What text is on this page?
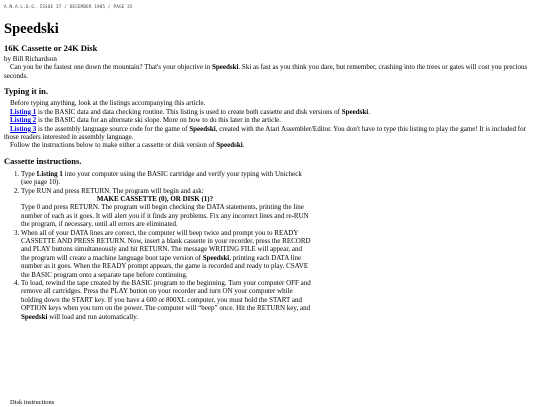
A.N.A.L.O.G. ISSUE 37 / DECEMBER 1985 / PAGE 35
Speedski
16K Cassette or 24K Disk

by Bill Richardson

Can you be the fastest one down the mountain? That's your objective in Speedski. Ski as fast as you think you dare, but remember, crashing into the trees or gates will cost you precious seconds.

Typing it in.

Before typing anything, look at the listings accompanying this article.

Listing 1 is the BASIC data and data checking routine. This listing is used to create both cassette and disk versions of Speedski.

Listing 2 is the BASIC data for an alternate ski slope. More on how to do this later in the article.

Listing 3 is the assembly language source code for the game of Speedski, created with the Atari Assembler/Editor. You don't have to type this listing to play the game! It is included for those readers interested in assembly language.

Follow the instructions below to make either a cassette or disk version of Speedski.

Cassette instructions.
1. Type Listing 1 into your computer using the BASIC cartridge and verify your typing with Unicheck (see page 10).
2. Type RUN and press RETURN. The program will begin and ask:
MAKE CASSETTE (0), OR DISK (1)?
Type 0 and press RETURN. The program will begin checking the DATA statements, printing the line number of each as it goes. It will alert you if it finds any problems. Fix any incorrect lines and re-RUN the program, if necessary, until all errors are eliminated.
3. When all of your DATA lines are correct, the computer will beep twice and prompt you to READY CASSETTE AND PRESS RETURN. Now, insert a blank cassette in your recorder, press the RECORD and PLAY buttons simultaneously and hit RETURN. The message WRITING FILE will appear, and the program will create a machine language boot tape version of Speedski, printing each DATA line number as it goes. When the READY prompt appears, the game is recorded and ready to play. CSAVE the BASIC program onto a separate tape before continuing.
4. To load, rewind the tape created by the BASIC program to the beginning. Turn your computer OFF and remove all cartridges. Press the PLAY button on your recorder and turn ON your computer while holding down the START key. If you have a 600 or 800XL computer, you must hold the START and OPTION keys when you turn on the power. The computer will “beep” once. Hit the RETURN key, and Speedski will load and run automatically.
Disk instructions
